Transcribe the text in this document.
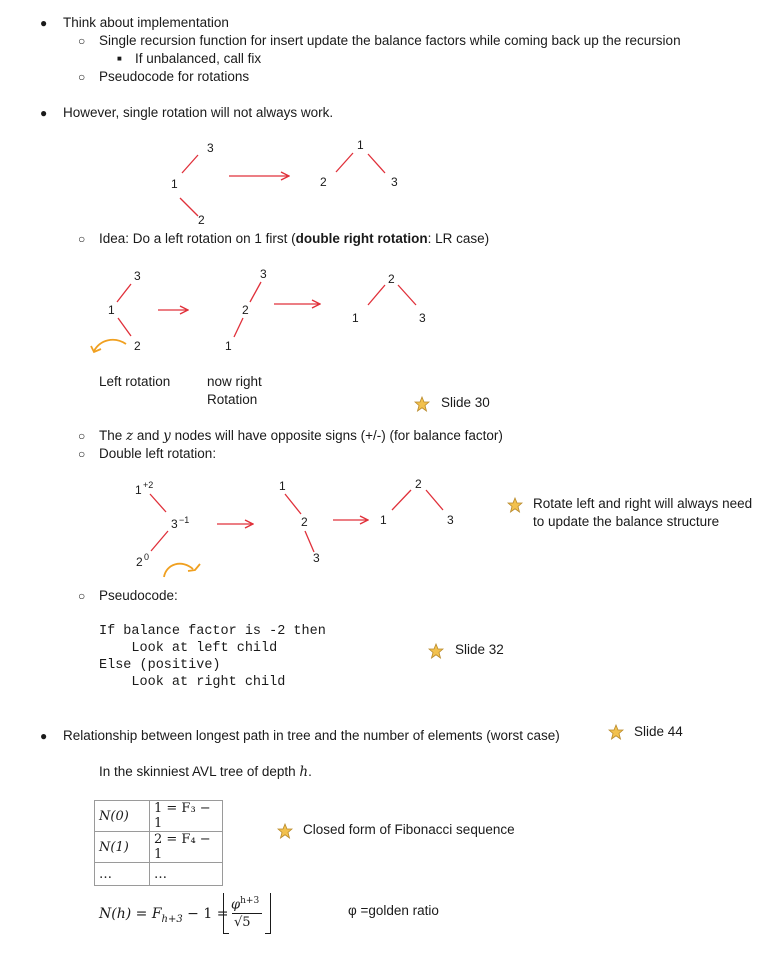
● Think about implementation
○ Single recursion function for insert update the balance factors while coming back up the recursion
■ If unbalanced, call fix
○ Pseudocode for rotations
● However, single rotation will not always work.
○ Idea: Do a left rotation on 1 first (double right rotation: LR case)
Left rotation	now right
Rotation	Slide 30
○ The z and y nodes will have opposite signs (+/-) (for balance factor)
○ Double left rotation:
Rotate left and right will always need
to update the balance structure
○ Pseudocode:
If balance factor is -2 then
Look at left child
Else (positive)
Look at right child
Slide 32
● Relationship between longest path in tree and the number of elements (worst case)	Slide 44
In the skinniest AVL tree of depth h.
N(0)	1 = F₃ − 1
N(1)	2 = F₄ − 1
…	…
Closed form of Fibonacci sequence
$N(h) = F_{h+3} - 1$ =
$\varphi^{h+3}$
√5
φ =golden ratio
3
1
2
1
2	3
3
1
2
3
2
1
2
1	3
1 +2
3 −1
2 0
1
2
3
2
1	3
